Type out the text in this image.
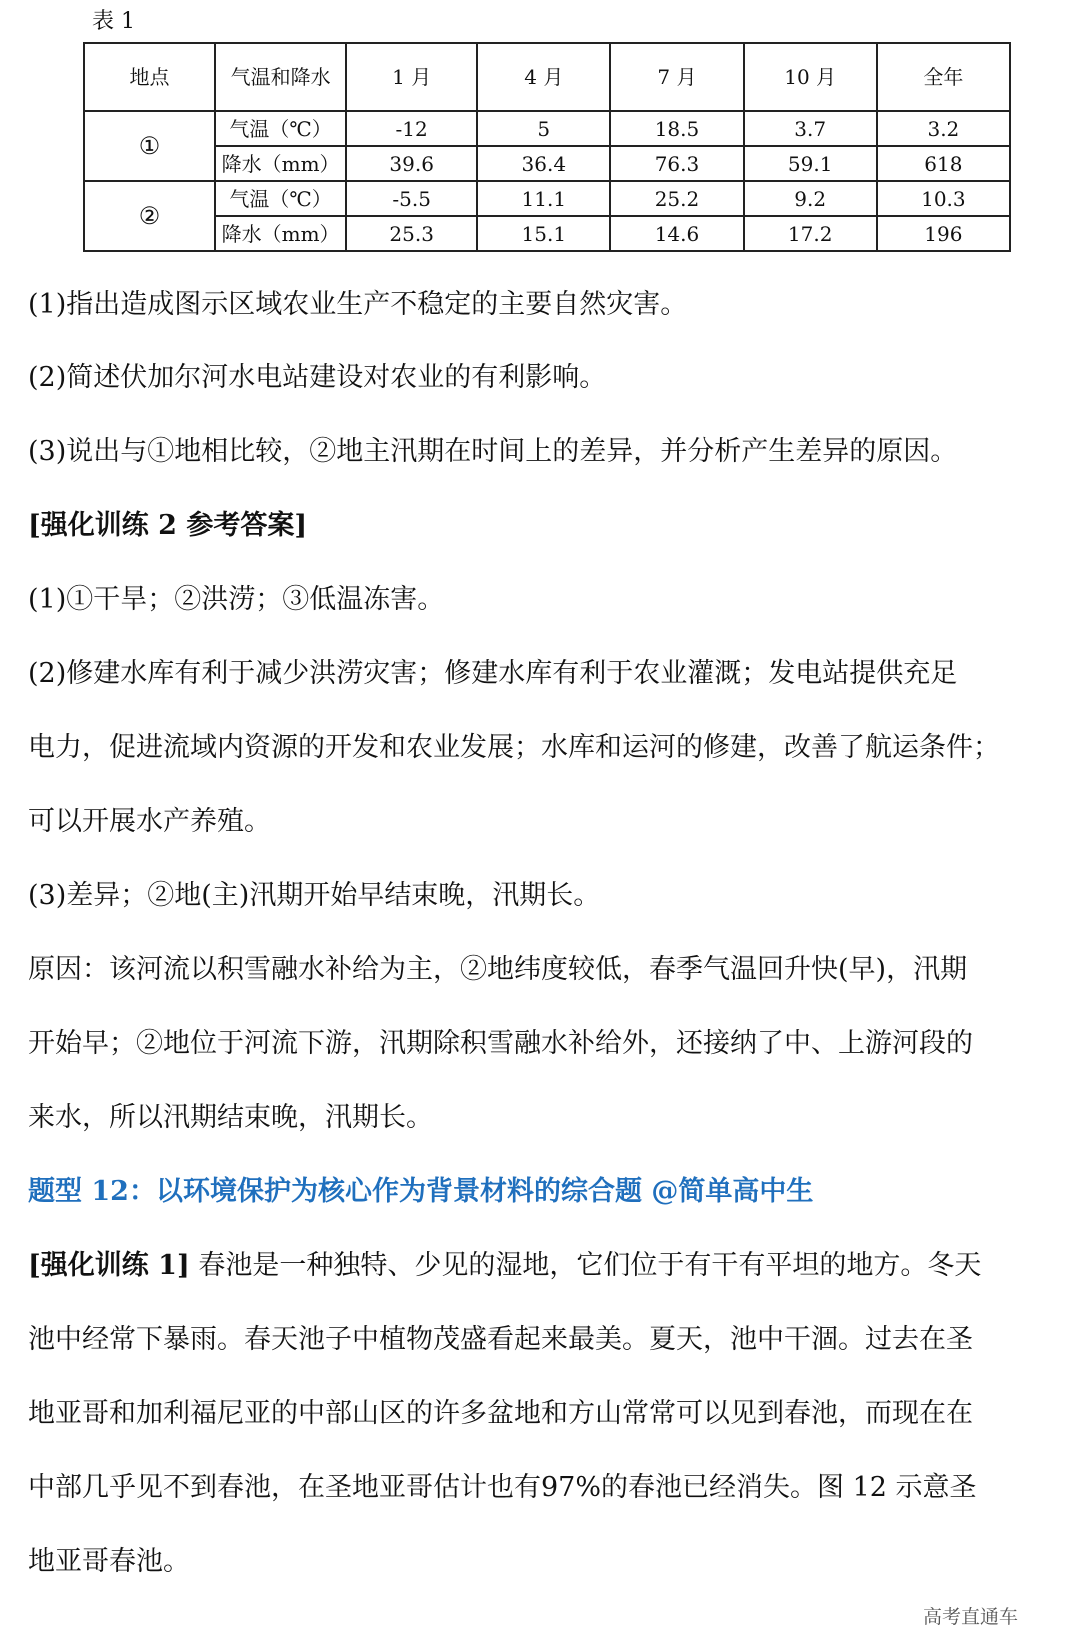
表 1
地点	气温和降水	1 月	4 月	7 月	10 月	全年
①	气温（℃）	-12	5	18.5	3.7	3.2
	降水（mm）	39.6	36.4	76.3	59.1	618
②	气温（℃）	-5.5	11.1	25.2	9.2	10.3
	降水（mm）	25.3	15.1	14.6	17.2	196
(1)指出造成图示区域农业生产不稳定的主要自然灾害。
(2)简述伏加尔河水电站建设对农业的有利影响。
(3)说出与①地相比较，②地主汛期在时间上的差异，并分析产生差异的原因。
[强化训练 2 参考答案]
(1)①干旱；②洪涝；③低温冻害。
(2)修建水库有利于减少洪涝灾害；修建水库有利于农业灌溉；发电站提供充足
电力，促进流域内资源的开发和农业发展；水库和运河的修建，改善了航运条件；
可以开展水产养殖。
(3)差异；②地(主)汛期开始早结束晚，汛期长。
原因：该河流以积雪融水补给为主，②地纬度较低，春季气温回升快(早)，汛期
开始早；②地位于河流下游，汛期除积雪融水补给外，还接纳了中、上游河段的
来水，所以汛期结束晚，汛期长。
题型 12：以环境保护为核心作为背景材料的综合题 @简单高中生
[强化训练 1] 春池是一种独特、少见的湿地，它们位于有干有平坦的地方。冬天
池中经常下暴雨。春天池子中植物茂盛看起来最美。夏天，池中干涸。过去在圣
地亚哥和加利福尼亚的中部山区的许多盆地和方山常常可以见到春池，而现在在
中部几乎见不到春池，在圣地亚哥估计也有97%的春池已经消失。图 12 示意圣
地亚哥春池。
高考直通车
